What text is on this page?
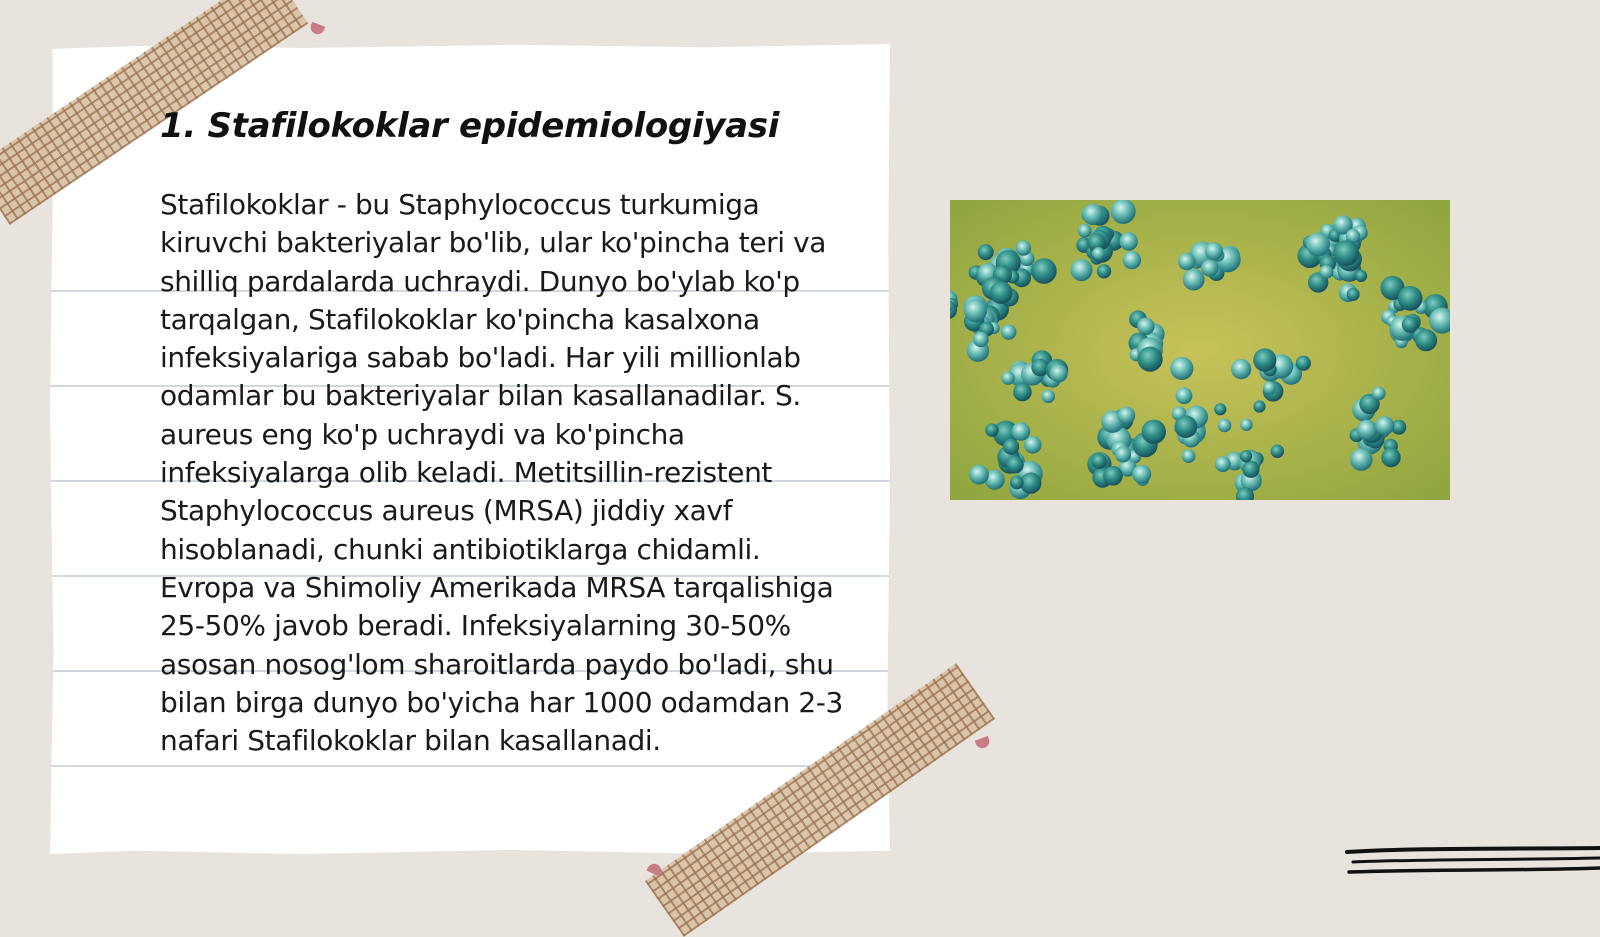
1. Stafilokoklar epidemiologiyasi

Stafilokoklar - bu Staphylococcus turkumiga kiruvchi bakteriyalar bo'lib, ular ko'pincha teri va shilliq pardalarda uchraydi. Dunyo bo'ylab ko'p tarqalgan, Stafilokoklar ko'pincha kasalxona infeksiyalariga sabab bo'ladi. Har yili millionlab odamlar bu bakteriyalar bilan kasallanadilar. S. aureus eng ko'p uchraydi va ko'pincha infeksiyalarga olib keladi. Metitsillin-rezistent Staphylococcus aureus (MRSA) jiddiy xavf hisoblanadi, chunki antibiotiklarga chidamli. Evropa va Shimoliy Amerikada MRSA tarqalishiga 25-50% javob beradi. Infeksiyalarning 30-50% asosan nosog'lom sharoitlarda paydo bo'ladi, shu bilan birga dunyo bo'yicha har 1000 odamdan 2-3 nafari Stafilokoklar bilan kasallanadi.
